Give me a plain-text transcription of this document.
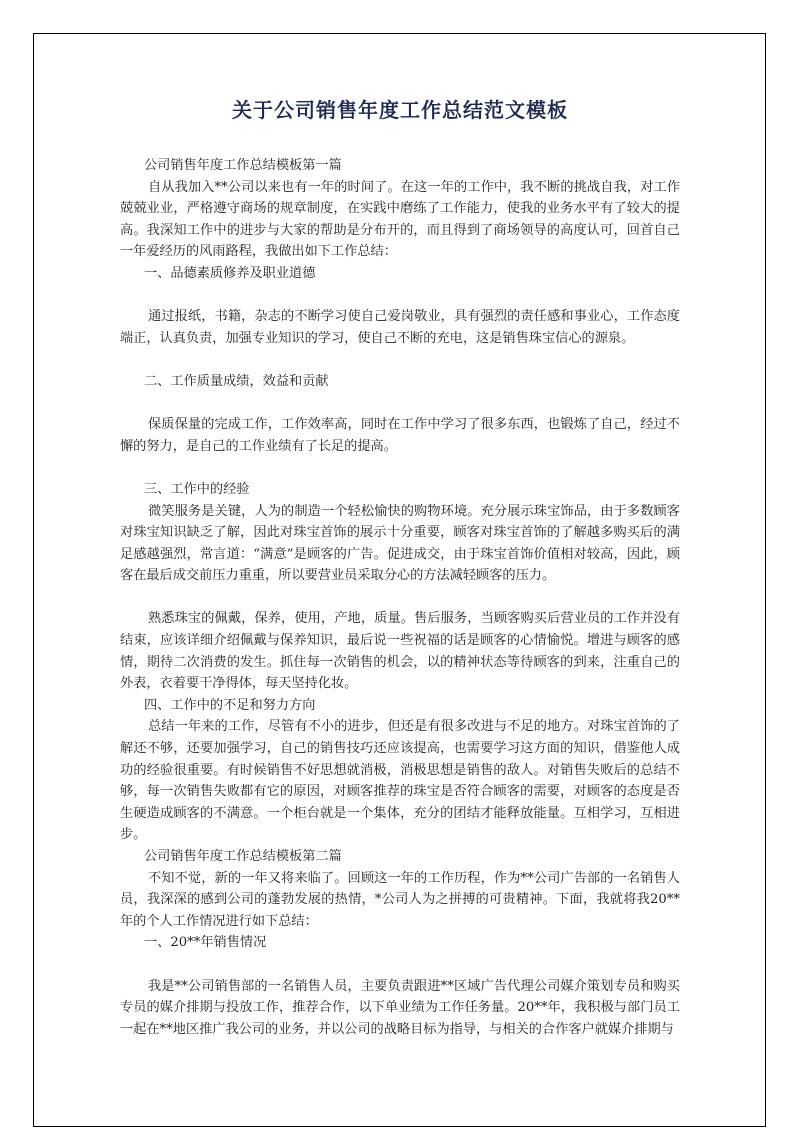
关于公司销售年度工作总结范文模板
公司销售年度工作总结模板第一篇
自从我加入**公司以来也有一年的时间了。在这一年的工作中，我不断的挑战自我，对工作兢兢业业，严格遵守商场的规章制度，在实践中磨练了工作能力，使我的业务水平有了较大的提高。我深知工作中的进步与大家的帮助是分布开的，而且得到了商场领导的高度认可，回首自己一年爱经历的风雨路程，我做出如下工作总结：
一、品德素质修养及职业道德
通过报纸，书籍，杂志的不断学习使自己爱岗敬业，具有强烈的责任感和事业心，工作态度端正，认真负责，加强专业知识的学习，使自己不断的充电，这是销售珠宝信心的源泉。
二、工作质量成绩，效益和贡献
保质保量的完成工作，工作效率高，同时在工作中学习了很多东西，也锻炼了自己，经过不懈的努力，是自己的工作业绩有了长足的提高。
三、工作中的经验
微笑服务是关键，人为的制造一个轻松愉快的购物环境。充分展示珠宝饰品，由于多数顾客对珠宝知识缺乏了解，因此对珠宝首饰的展示十分重要，顾客对珠宝首饰的了解越多购买后的满足感越强烈，常言道：“满意”是顾客的广告。促进成交，由于珠宝首饰价值相对较高，因此，顾客在最后成交前压力重重，所以要营业员采取分心的方法减轻顾客的压力。
熟悉珠宝的佩戴，保养，使用，产地，质量。售后服务，当顾客购买后营业员的工作并没有结束，应该详细介绍佩戴与保养知识，最后说一些祝福的话是顾客的心情愉悦。增进与顾客的感情，期待二次消费的发生。抓住每一次销售的机会，以的精神状态等待顾客的到来，注重自己的外表，衣着要干净得体，每天坚持化妆。
四、工作中的不足和努力方向
总结一年来的工作，尽管有不小的进步，但还是有很多改进与不足的地方。对珠宝首饰的了解还不够，还要加强学习，自己的销售技巧还应该提高，也需要学习这方面的知识，借鉴他人成功的经验很重要。有时候销售不好思想就消极，消极思想是销售的敌人。对销售失败后的总结不够，每一次销售失败都有它的原因，对顾客推荐的珠宝是否符合顾客的需要，对顾客的态度是否生硬造成顾客的不满意。一个柜台就是一个集体，充分的团结才能释放能量。互相学习，互相进步。
公司销售年度工作总结模板第二篇
不知不觉，新的一年又将来临了。回顾这一年的工作历程，作为**公司广告部的一名销售人员，我深深的感到公司的蓬勃发展的热情，*公司人为之拼搏的可贵精神。下面，我就将我20**年的个人工作情况进行如下总结：
一、20**年销售情况
我是**公司销售部的一名销售人员，主要负责跟进**区域广告代理公司媒介策划专员和购买专员的媒介排期与投放工作，推荐合作，以下单业绩为工作任务量。20**年，我积极与部门员工一起在**地区推广我公司的业务，并以公司的战略目标为指导，与相关的合作客户就媒介排期与
